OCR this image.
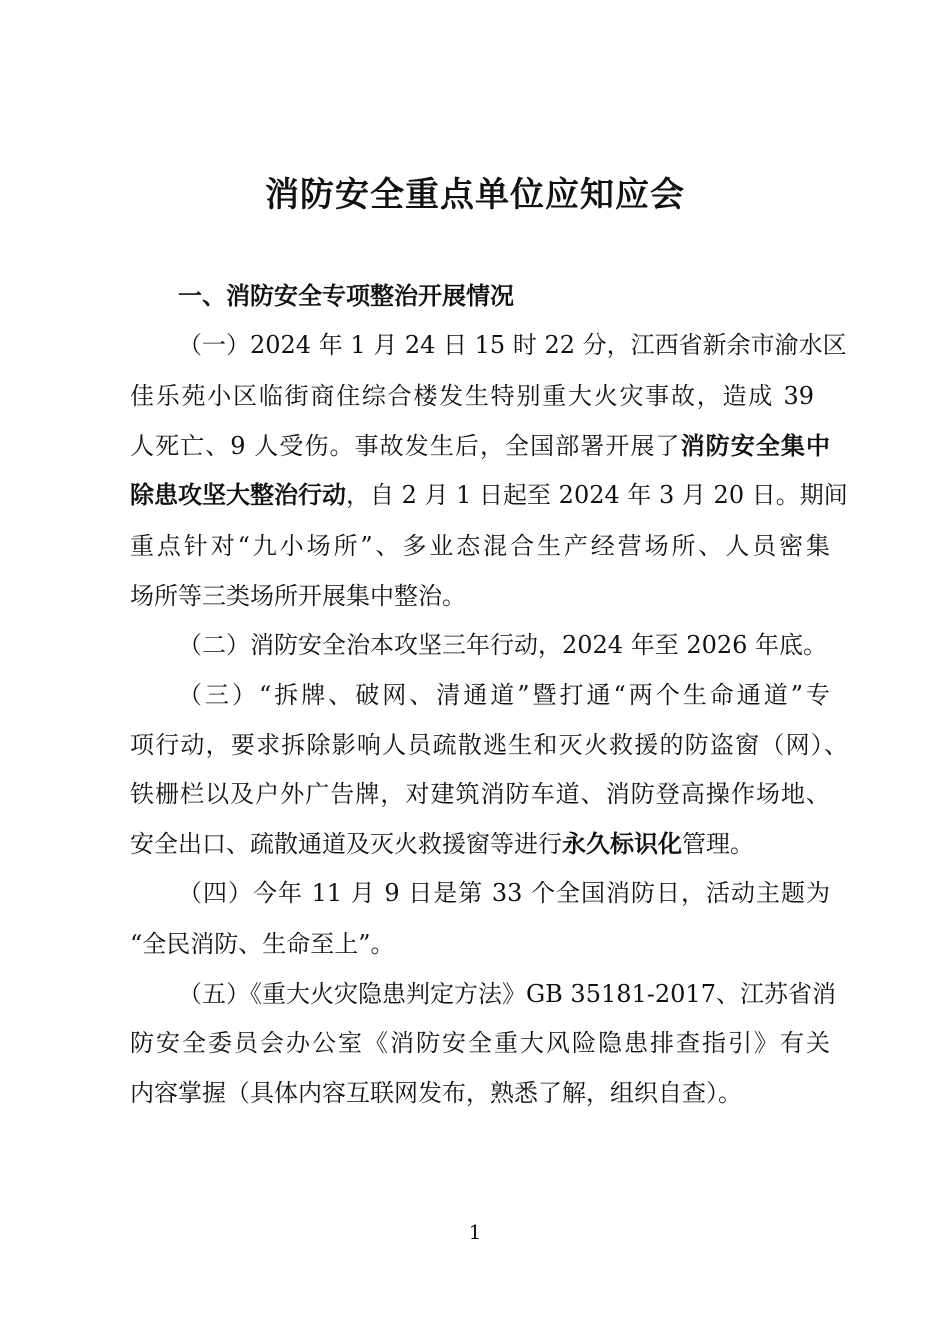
消防安全重点单位应知应会
一、消防安全专项整治开展情况
（一）2024 年 1 月 24 日 15 时 22 分，江西省新余市渝水区
佳乐苑小区临街商住综合楼发生特别重大火灾事故，造成 39
人死亡、9 人受伤。事故发生后，全国部署开展了消防安全集中
除患攻坚大整治行动，自 2 月 1 日起至 2024 年 3 月 20 日。期间
重点针对“九小场所”、多业态混合生产经营场所、人员密集
场所等三类场所开展集中整治。
（二）消防安全治本攻坚三年行动，2024 年至 2026 年底。
（三）“拆牌、破网、清通道”暨打通“两个生命通道”专
项行动，要求拆除影响人员疏散逃生和灭火救援的防盗窗（网）、
铁栅栏以及户外广告牌，对建筑消防车道、消防登高操作场地、
安全出口、疏散通道及灭火救援窗等进行永久标识化管理。
（四）今年 11 月 9 日是第 33 个全国消防日，活动主题为
“全民消防、生命至上”。
（五）《重大火灾隐患判定方法》GB 35181-2017、江苏省消
防安全委员会办公室《消防安全重大风险隐患排查指引》有关
内容掌握（具体内容互联网发布，熟悉了解，组织自查）。
1
